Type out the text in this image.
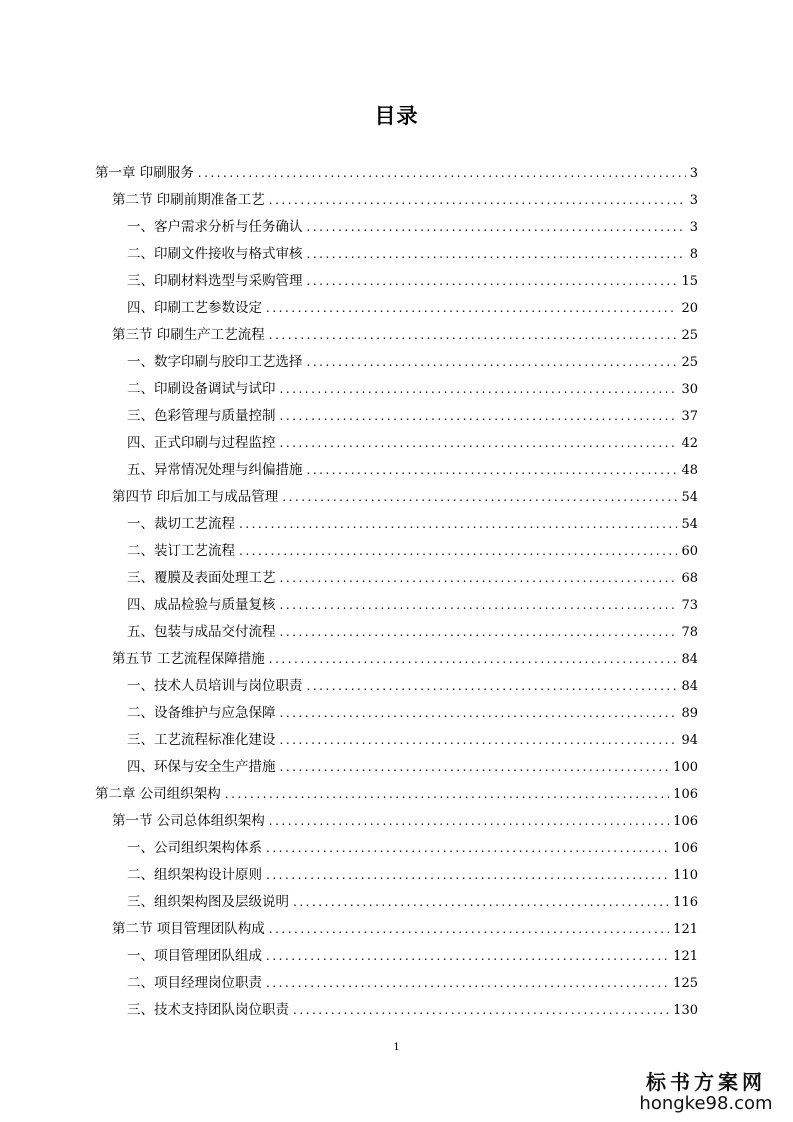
目录
第一章 印刷服务 .....	3
第二节 印刷前期准备工艺 .....	3
一、客户需求分析与任务确认 .....	3
二、印刷文件接收与格式审核 .....	8
三、印刷材料选型与采购管理 .....	15
四、印刷工艺参数设定 .....	20
第三节 印刷生产工艺流程 .....	25
一、数字印刷与胶印工艺选择 .....	25
二、印刷设备调试与试印 .....	30
三、色彩管理与质量控制 .....	37
四、正式印刷与过程监控 .....	42
五、异常情况处理与纠偏措施 .....	48
第四节 印后加工与成品管理 .....	54
一、裁切工艺流程 .....	54
二、装订工艺流程 .....	60
三、覆膜及表面处理工艺 .....	68
四、成品检验与质量复核 .....	73
五、包装与成品交付流程 .....	78
第五节 工艺流程保障措施 .....	84
一、技术人员培训与岗位职责 .....	84
二、设备维护与应急保障 .....	89
三、工艺流程标准化建设 .....	94
四、环保与安全生产措施 .....	100
第二章 公司组织架构 .....	106
第一节 公司总体组织架构 .....	106
一、公司组织架构体系 .....	106
二、组织架构设计原则 .....	110
三、组织架构图及层级说明 .....	116
第二节 项目管理团队构成 .....	121
一、项目管理团队组成 .....	121
二、项目经理岗位职责 .....	125
三、技术支持团队岗位职责 .....	130
1
标书方案网
hongke98.com
